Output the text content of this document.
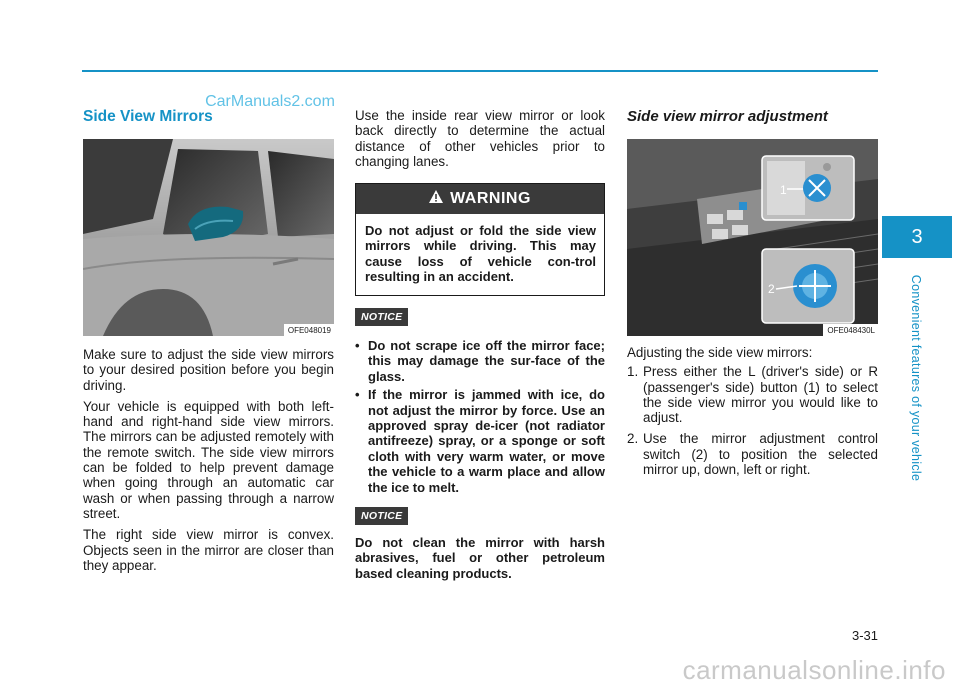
CarManuals2.com
Side View Mirrors
OFE048019

Make sure to adjust the side view mirrors to your desired position before you begin driving.

Your vehicle is equipped with both left-hand and right-hand side view mirrors. The mirrors can be adjusted remotely with the remote switch. The side view mirrors can be folded to help prevent damage when going through an automatic car wash or when passing through a narrow street.

The right side view mirror is convex. Objects seen in the mirror are closer than they appear.

Use the inside rear view mirror or look back directly to determine the actual distance of other vehicles prior to changing lanes.

WARNING
Do not adjust or fold the side view mirrors while driving. This may cause loss of vehicle con-trol resulting in an accident.
NOTICE
• Do not scrape ice off the mirror face; this may damage the sur-face of the glass.
• If the mirror is jammed with ice, do not adjust the mirror by force. Use an approved spray de-icer (not radiator antifreeze) spray, or a sponge or soft cloth with very warm water, or move the vehicle to a warm place and allow the ice to melt.
NOTICE
Do not clean the mirror with harsh abrasives, fuel or other petroleum based cleaning products.
Side view mirror adjustment
1
2
OFE048430L

Adjusting the side view mirrors:

1. Press either the L (driver's side) or R (passenger's side) button (1) to select the side view mirror you would like to adjust.
2. Use the mirror adjustment control switch (2) to position the selected mirror up, down, left or right.
3
Convenient features of your vehicle
3-31
carmanualsonline.info
